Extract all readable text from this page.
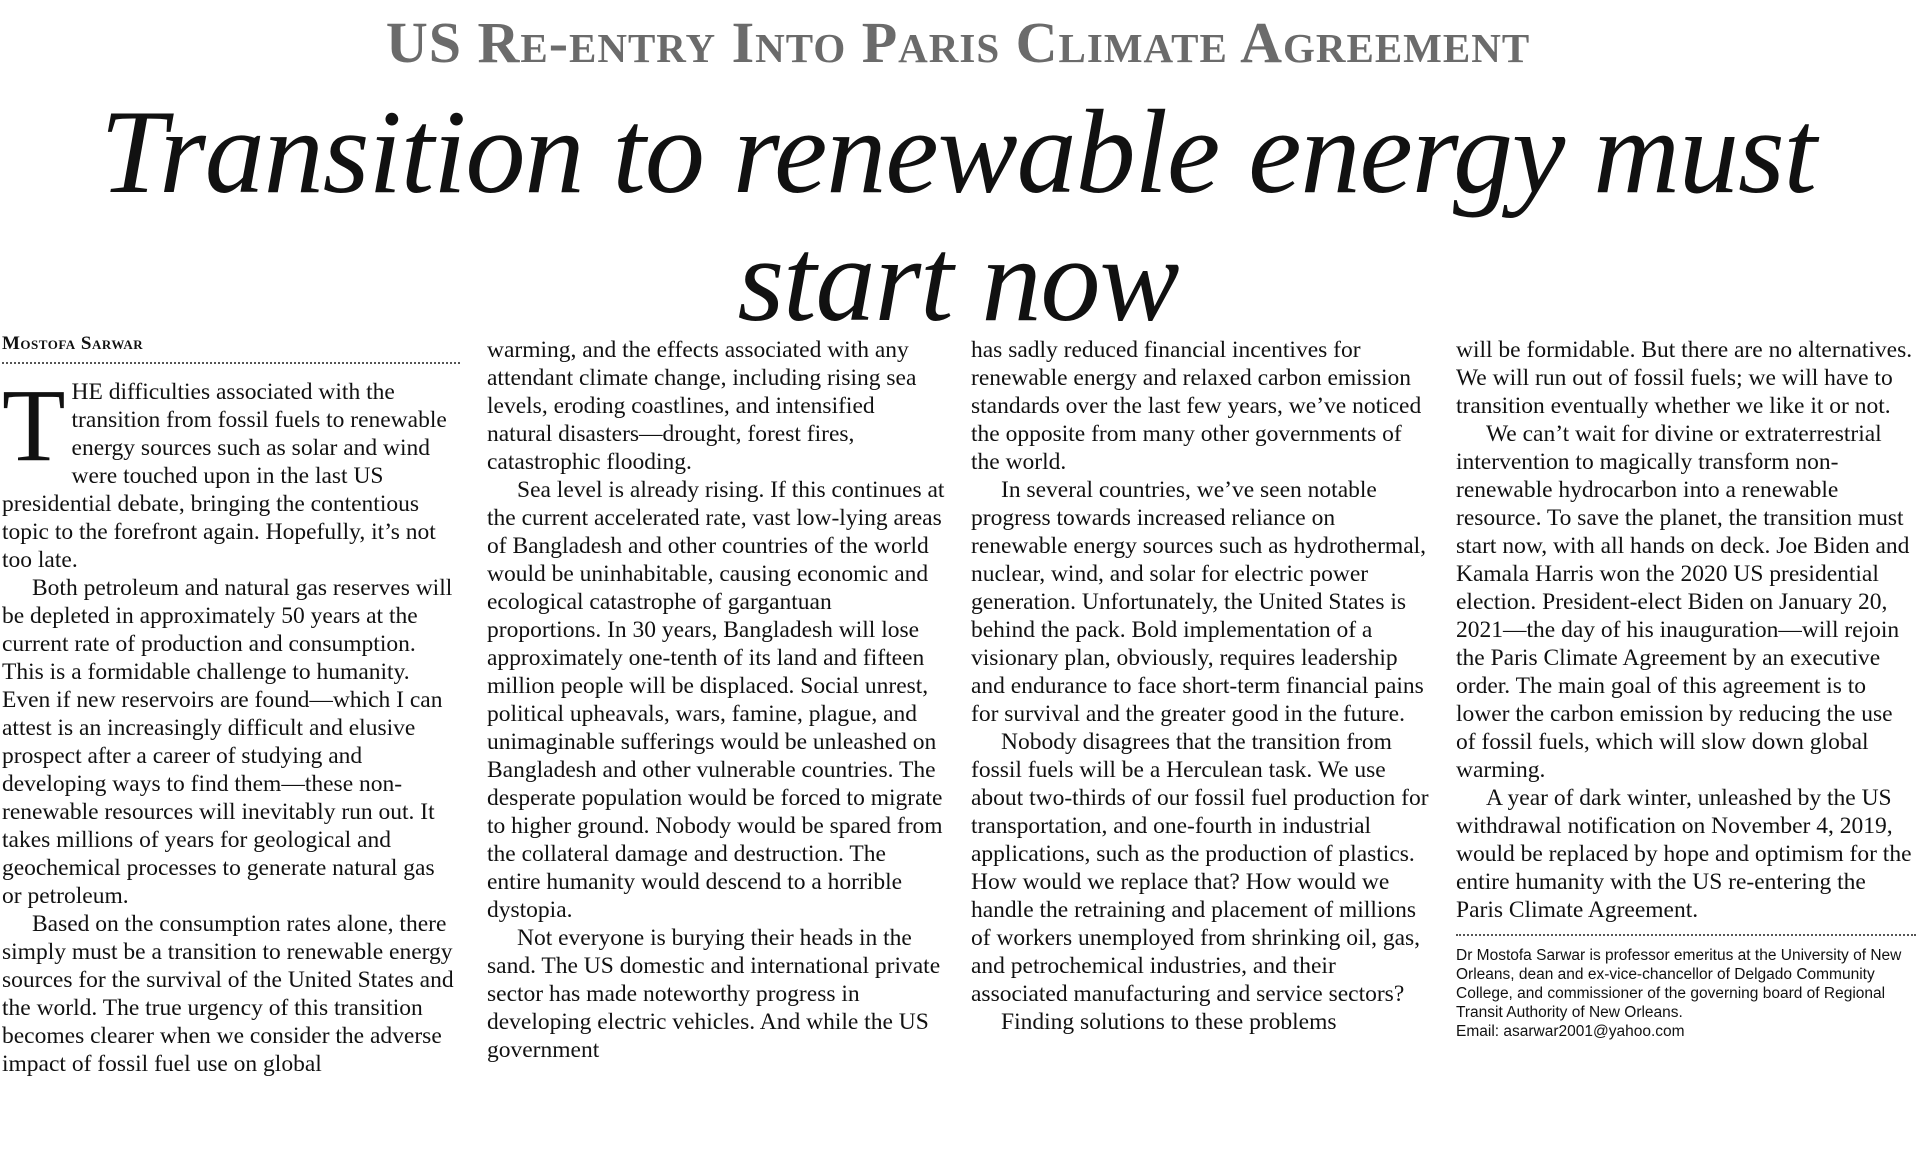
US Re-entry Into Paris Climate Agreement
Transition to renewable energy must start now
Mostofa Sarwar

THE difficulties associated with the transition from fossil fuels to renewable energy sources such as solar and wind were touched upon in the last US presidential debate, bringing the contentious topic to the forefront again. Hopefully, it’s not too late.

Both petroleum and natural gas reserves will be depleted in approximately 50 years at the current rate of production and consumption. This is a formidable challenge to humanity. Even if new reservoirs are found—which I can attest is an increasingly difficult and elusive prospect after a career of studying and developing ways to find them—these non-renewable resources will inevitably run out. It takes millions of years for geological and geochemical processes to generate natural gas or petroleum.

Based on the consumption rates alone, there simply must be a transition to renewable energy sources for the survival of the United States and the world. The true urgency of this transition becomes clearer when we consider the adverse impact of fossil fuel use on global

warming, and the effects associated with any attendant climate change, including rising sea levels, eroding coastlines, and intensified natural disasters—drought, forest fires, catastrophic flooding.

Sea level is already rising. If this continues at the current accelerated rate, vast low-lying areas of Bangladesh and other countries of the world would be uninhabitable, causing economic and ecological catastrophe of gargantuan proportions. In 30 years, Bangladesh will lose approximately one-tenth of its land and fifteen million people will be displaced. Social unrest, political upheavals, wars, famine, plague, and unimaginable sufferings would be unleashed on Bangladesh and other vulnerable countries. The desperate population would be forced to migrate to higher ground. Nobody would be spared from the collateral damage and destruction. The entire humanity would descend to a horrible dystopia.

Not everyone is burying their heads in the sand. The US domestic and international private sector has made noteworthy progress in developing electric vehicles. And while the US government

has sadly reduced financial incentives for renewable energy and relaxed carbon emission standards over the last few years, we’ve noticed the opposite from many other governments of the world.

In several countries, we’ve seen notable progress towards increased reliance on renewable energy sources such as hydrothermal, nuclear, wind, and solar for electric power generation. Unfortunately, the United States is behind the pack. Bold implementation of a visionary plan, obviously, requires leadership and endurance to face short-term financial pains for survival and the greater good in the future.

Nobody disagrees that the transition from fossil fuels will be a Herculean task. We use about two-thirds of our fossil fuel production for transportation, and one-fourth in industrial applications, such as the production of plastics. How would we replace that? How would we handle the retraining and placement of millions of workers unemployed from shrinking oil, gas, and petrochemical industries, and their associated manufacturing and service sectors?

Finding solutions to these problems

will be formidable. But there are no alternatives. We will run out of fossil fuels; we will have to transition eventually whether we like it or not.

We can’t wait for divine or extraterrestrial intervention to magically transform non-renewable hydrocarbon into a renewable resource. To save the planet, the transition must start now, with all hands on deck. Joe Biden and Kamala Harris won the 2020 US presidential election. President-elect Biden on January 20, 2021—the day of his inauguration—will rejoin the Paris Climate Agreement by an executive order. The main goal of this agreement is to lower the carbon emission by reducing the use of fossil fuels, which will slow down global warming.

A year of dark winter, unleashed by the US withdrawal notification on November 4, 2019, would be replaced by hope and optimism for the entire humanity with the US re-entering the Paris Climate Agreement.

Dr Mostofa Sarwar is professor emeritus at the University of New Orleans, dean and ex-vice-chancellor of Delgado Community College, and commissioner of the governing board of Regional Transit Authority of New Orleans.

Email: asarwar2001@yahoo.com
